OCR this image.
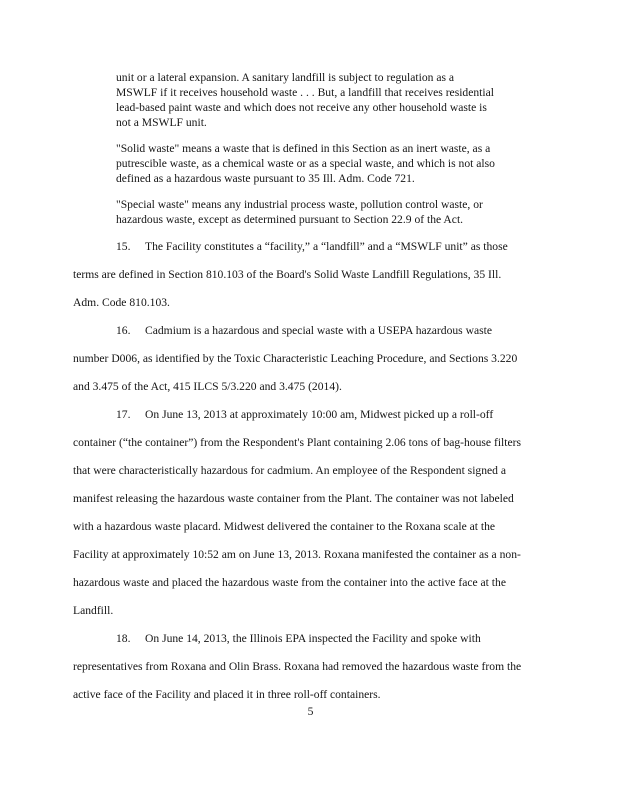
unit or a lateral expansion. A sanitary landfill is subject to regulation as a

MSWLF if it receives household waste . . . But, a landfill that receives residential

lead-based paint waste and which does not receive any other household waste is

not a MSWLF unit.

"Solid waste" means a waste that is defined in this Section as an inert waste, as a

putrescible waste, as a chemical waste or as a special waste, and which is not also

defined as a hazardous waste pursuant to 35 Ill. Adm. Code 721.

"Special waste" means any industrial process waste, pollution control waste, or

hazardous waste, except as determined pursuant to Section 22.9 of the Act.

15. The Facility constitutes a “facility,” a “landfill” and a “MSWLF unit” as those

terms are defined in Section 810.103 of the Board's Solid Waste Landfill Regulations, 35 Ill.

Adm. Code 810.103.

16. Cadmium is a hazardous and special waste with a USEPA hazardous waste

number D006, as identified by the Toxic Characteristic Leaching Procedure, and Sections 3.220

and 3.475 of the Act, 415 ILCS 5/3.220 and 3.475 (2014).

17. On June 13, 2013 at approximately 10:00 am, Midwest picked up a roll-off

container (“the container”) from the Respondent's Plant containing 2.06 tons of bag-house filters

that were characteristically hazardous for cadmium. An employee of the Respondent signed a

manifest releasing the hazardous waste container from the Plant. The container was not labeled

with a hazardous waste placard. Midwest delivered the container to the Roxana scale at the

Facility at approximately 10:52 am on June 13, 2013. Roxana manifested the container as a non-

hazardous waste and placed the hazardous waste from the container into the active face at the

Landfill.

18. On June 14, 2013, the Illinois EPA inspected the Facility and spoke with

representatives from Roxana and Olin Brass. Roxana had removed the hazardous waste from the

active face of the Facility and placed it in three roll-off containers.

5
